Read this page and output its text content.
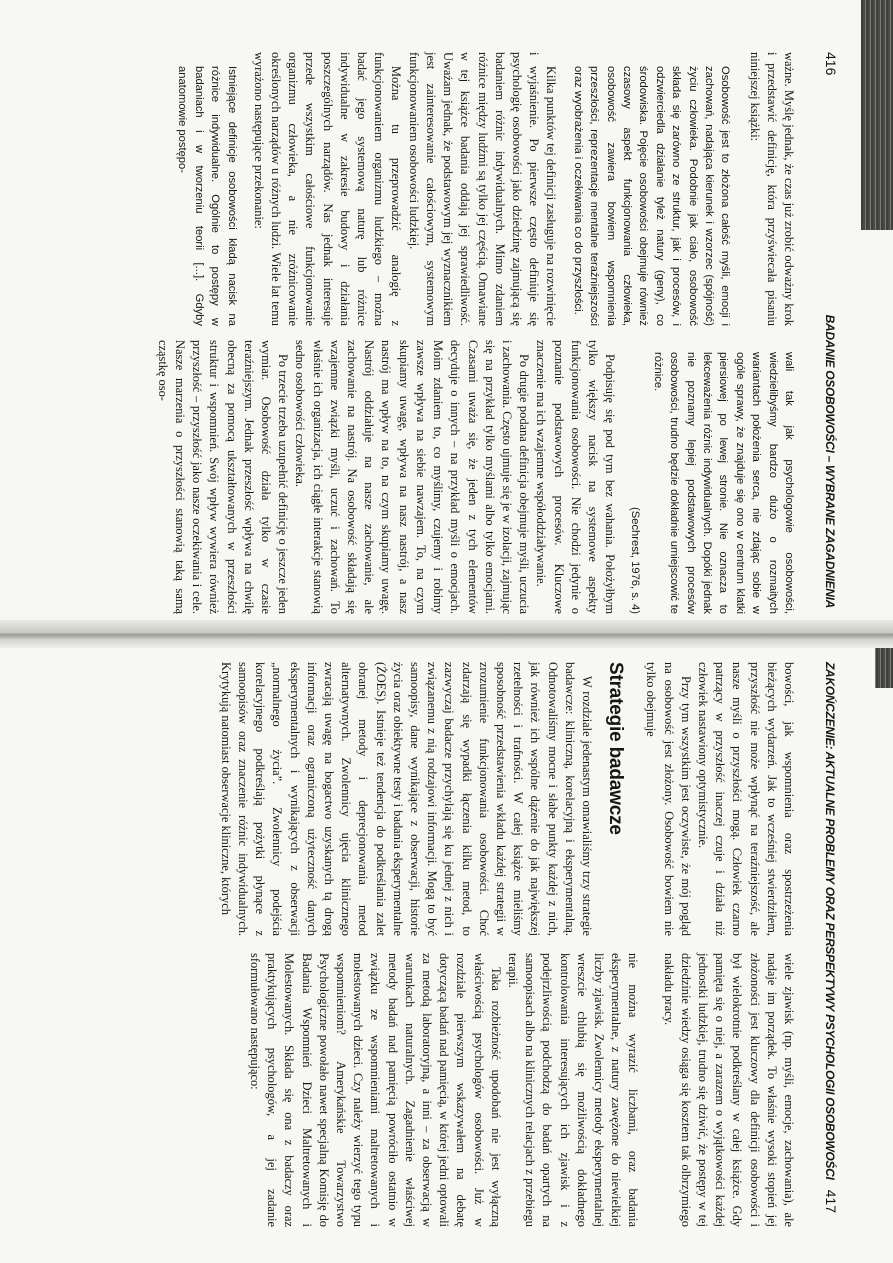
416
BADANIE OSOBOWOŚCI – WYBRANE ZAGADNIENIA

ważne. Myślę jednak, że czas już zrobić odważny krok i przedstawić definicję, która przyświecała pisaniu niniejszej książki:

Osobowość jest to złożona całość myśli, emocji i zachowań, nadająca kierunek i wzorzec (spójność) życiu człowieka. Podobnie jak ciało, osobowość składa się zarówno ze struktur, jak i procesów, i odzwierciedla działanie tyleż natury (geny), co środowiska. Pojęcie osobowości obejmuje również czasowy aspekt funkcjonowania człowieka, osobowość zawiera bowiem wspomnienia przeszłości, reprezentacje mentalne teraźniejszości oraz wyobrażenia i oczekiwania co do przyszłości.

Kilka punktów tej definicji zasługuje na rozwinięcie i wyjaśnienie. Po pierwsze często definiuje się psychologię osobowości jako dziedzinę zajmującą się badaniem różnic indywidualnych. Mimo zdaniem różnice między ludźmi są tylko jej częścią. Omawiane w tej książce badania oddają jej sprawiedliwość. Uważam jednak, że podstawowym jej wyznacznikiem jest zainteresowanie całościowym, systemowym funkcjonowaniem osobowości ludzkiej.

Można tu przeprowadzić analogię z funkcjonowaniem organizmu ludzkiego – można badać jego systemową naturę lub różnice indywidualne w zakresie budowy i działania poszczególnych narządów. Nas jednak interesuje przede wszystkim całościowe funkcjonowanie organizmu człowieka, a nie zróżnicowanie określonych narządów u różnych ludzi. Wiele lat temu wyrażono następujące przekonanie:

Istniejące definicje osobowości kładą nacisk na różnice indywidualne. Ogólnie to postępy w badaniach i w tworzeniu teorii [...]. Gdyby anatomowie postępo-

wali tak jak psychologowie osobowości, wiedzielibyśmy bardzo dużo o rozmaitych wariantach położenia serca, nie zdając sobie w ogóle sprawy, że znajduje się ono w centrum klatki piersiowej po lewej stronie. Nie oznacza to lekceważenia różnic indywidualnych. Dopóki jednak nie poznamy lepiej podstawowych procesów osobowości, trudno będzie dokładnie umiejscowić te różnice.

(Sechrest, 1976, s. 4)

Podpisuję się pod tym bez wahania. Położyłbym tylko większy nacisk na systemowe aspekty funkcjonowania osobowości. Nie chodzi jedynie o poznanie podstawowych procesów. Kluczowe znaczenie ma ich wzajemne współoddziaływanie.

Po drugie podana definicja obejmuje myśli, uczucia i zachowania. Często ujmuje się je w izolacji, zajmując się na przykład tylko myślami albo tylko emocjami. Czasami uważa się, że jeden z tych elementów decyduje o innych – na przykład myśli o emocjach. Moim zdaniem to, co myślimy, czujemy i robimy zawsze wpływa na siebie nawzajem. To, na czym skupiamy uwagę, wpływa na nasz nastrój, a nasz nastrój ma wpływ na to, na czym skupiamy uwagę. Nastrój oddziałuje na nasze zachowanie, ale zachowanie na nastrój. Na osobowość składają się wzajemne związki myśli, uczuć i zachowań. To właśnie ich organizacja, ich ciągłe interakcje stanowią sedno osobowości człowieka.

Po trzecie trzeba uzupełnić definicję o jeszcze jeden wymiar. Osobowość działa tylko w czasie teraźniejszym. Jednak przeszłość wpływa na chwilę obecną za pomocą ukształtowanych w przeszłości struktur i wspomnień. Swój wpływ wywiera również przyszłość – przyszłość jako nasze oczekiwania i cele. Nasze marzenia o przyszłości stanowią taką samą cząstkę oso-

ZAKOŃCZENIE: AKTUALNE PROBLEMY ORAZ PERSPEKTYWY PSYCHOLOGII OSOBOWOŚCI
417

bowości, jak wspomnienia oraz spostrzeżenia bieżących wydarzeń. Jak to wcześniej stwierdziłem, przyszłość nie może wpłynąć na teraźniejszość, ale nasze myśli o przyszłości mogą. Człowiek czarno patrzący w przyszłość inaczej czuje i działa niż człowiek nastawiony optymistycznie.

Przy tym wszystkim jest oczywiste, że mój pogląd na osobowość jest złożony. Osobowość bowiem nie tylko obejmuje

Strategie badawcze

W rozdziale jedenastym omawialiśmy trzy strategie badawcze: kliniczną, korelacyjną i eksperymentalną. Odnotowaliśmy mocne i słabe punkty każdej z nich, jak również ich wspólne dążenie do jak największej rzetelności i trafności. W całej książce mieliśmy sposobność przedstawienia wkładu każdej strategii w zrozumienie funkcjonowania osobowości. Choć zdarzają się wypadki łączenia kilku metod, to zazwyczaj badacze przychylają się ku jednej z nich i związanemu z nią rodzajowi informacji. Mogą to być samoopisy, dane wynikające z obserwacji, historie życia oraz obiektywne testy i badania eksperymentalne (ŻOES). Istnieje też tendencja do podkreślania zalet obranej metody i deprecjonowania metod alternatywnych. Zwolennicy ujęcia klinicznego zwracają uwagę na bogactwo uzyskanych tą drogą informacji oraz ograniczoną użyteczność danych eksperymentalnych i wynikających z obserwacji „normalnego życia”. Zwolennicy podejścia korelacyjnego podkreślają pożytki płynące z samoopisów oraz znaczenie różnic indywidualnych. Krytykują natomiast obserwacje kliniczne, których

wiele zjawisk (np. myśli, emocje, zachowania), ale nadaje im porządek. To właśnie wysoki stopień jej złożoności jest kluczowy dla definicji osobowości i był wielokrotnie podkreślany w całej książce. Gdy pamięta się o niej, a zarazem o wyjątkowości każdej jednostki ludzkiej, trudno się dziwić, że postępy w tej dziedzinie wiedzy osiąga się kosztem tak olbrzymiego nakładu pracy.

nie można wyrazić liczbami, oraz badania eksperymentalne, z natury zawężone do niewielkiej liczby zjawisk. Zwolennicy metody eksperymentalnej wreszcie chlubią się możliwością dokładnego kontrolowania interesujących ich zjawisk i z podejrzliwością podchodzą do badań opartych na samoopisach albo na klinicznych relacjach z przebiegu terapii.

Taka rozbieżność upodobań nie jest wyłączną właściwością psychologów osobowości. Już w rozdziale pierwszym wskazywałem na debatę dotyczącą badań nad pamięcią, w której jedni optowali za metodą laboratoryjną, a inni – za obserwacją w warunkach naturalnych. Zagadnienie właściwej metody badań nad pamięcią powróciło ostatnio w związku ze wspomnieniami maltretowanych i molestowanych dzieci. Czy należy wierzyć tego typu wspomnieniom? Amerykańskie Towarzystwo Psychologiczne powołało nawet specjalną Komisję do Badania Wspomnień Dzieci Maltretowanych i Molestowanych. Składa się ona z badaczy oraz praktykujących psychologów, a jej zadanie sformułowano następująco:
